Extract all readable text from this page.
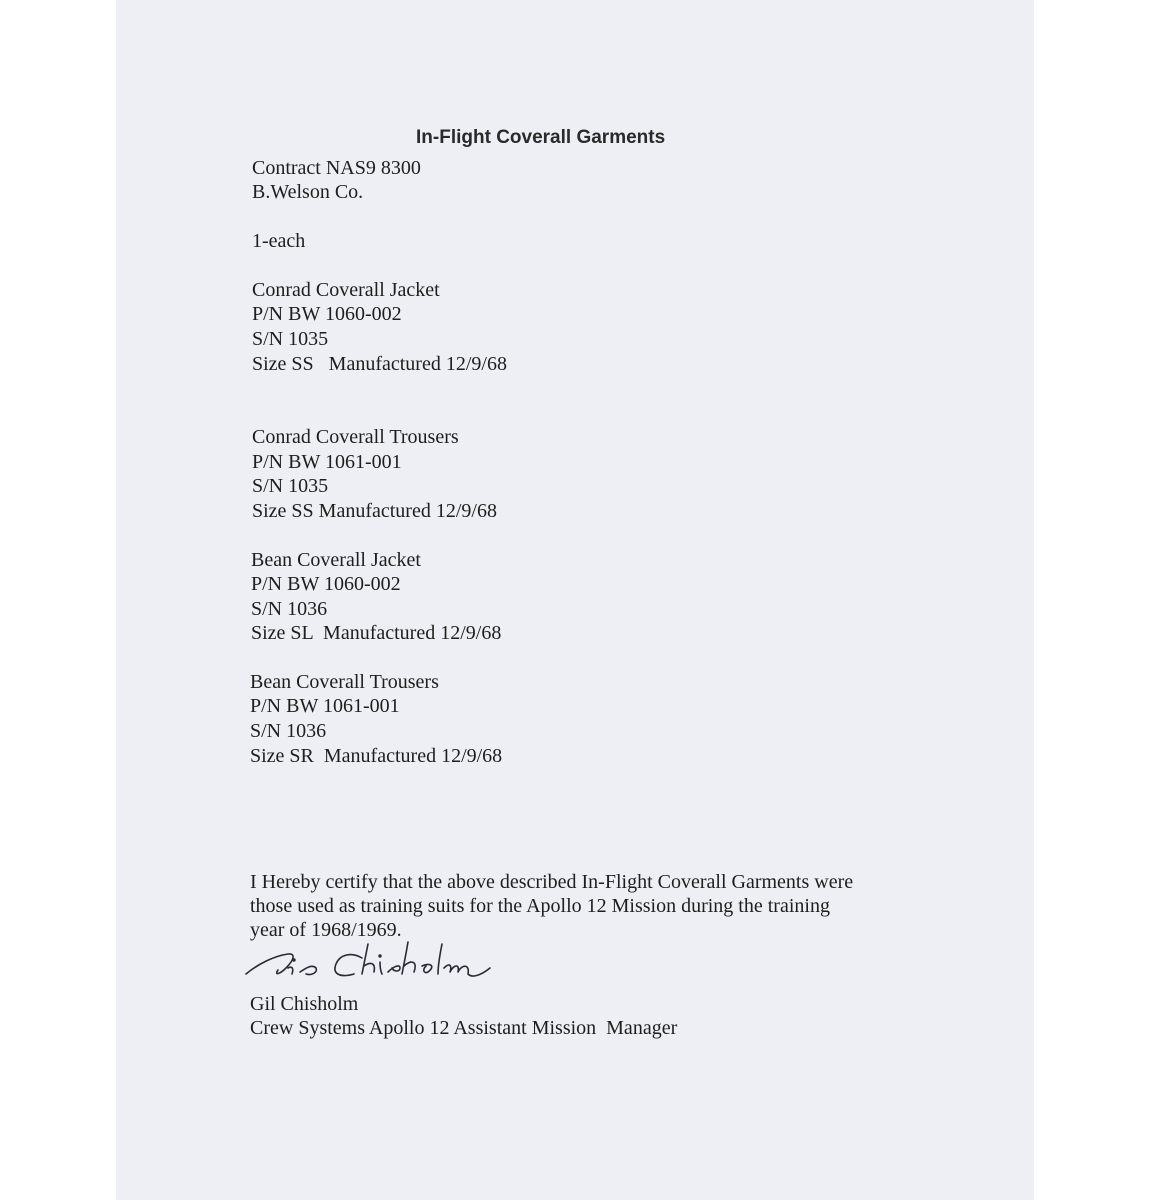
In-Flight Coverall Garments
Contract NAS9 8300
B.Welson Co.
1-each
Conrad Coverall Jacket
P/N BW 1060-002
S/N 1035
Size SS   Manufactured 12/9/68
Conrad Coverall Trousers
P/N BW 1061-001
S/N 1035
Size SS Manufactured 12/9/68
Bean Coverall Jacket
P/N BW 1060-002
S/N 1036
Size SL  Manufactured 12/9/68
Bean Coverall Trousers
P/N BW 1061-001
S/N 1036
Size SR  Manufactured 12/9/68
I Hereby certify that the above described In-Flight Coverall Garments were
those used as training suits for the Apollo 12 Mission during the training
year of 1968/1969.
Gil Chisholm
Crew Systems Apollo 12 Assistant Mission  Manager
